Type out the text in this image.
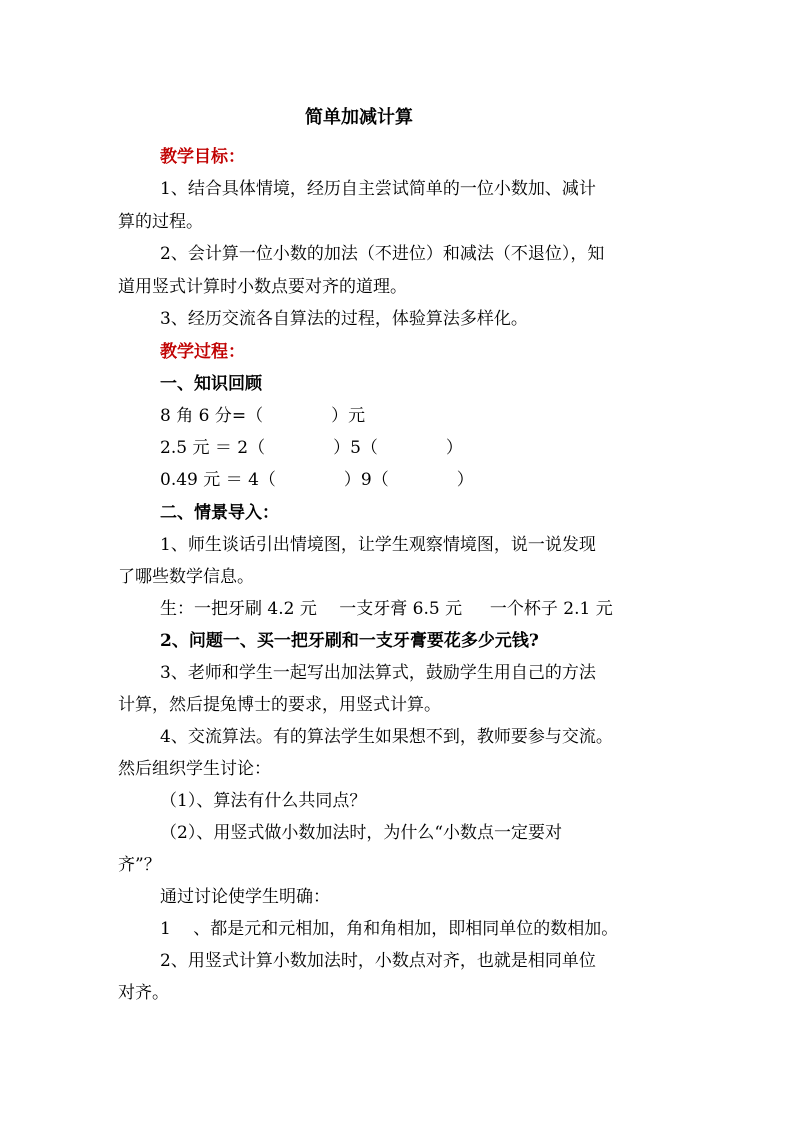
简单加减计算
教学目标：
1、结合具体情境，经历自主尝试简单的一位小数加、减计
算的过程。
2、会计算一位小数的加法（不进位）和减法（不退位），知
道用竖式计算时小数点要对齐的道理。
3、经历交流各自算法的过程，体验算法多样化。
教学过程：
一、知识回顾
8 角 6 分=（　　　　）元
2.5 元 ＝ 2（　　　　）5（　　　　）
0.49 元 ＝ 4（　　　　）9（　　　　）
二、情景导入：
1、师生谈话引出情境图，让学生观察情境图，说一说发现
了哪些数学信息。
生：一把牙刷 4.2 元　 一支牙膏 6.5 元 　 一个杯子 2.1 元
2、问题一、买一把牙刷和一支牙膏要花多少元钱?
3、老师和学生一起写出加法算式，鼓励学生用自己的方法
计算，然后提兔博士的要求，用竖式计算。
4、交流算法。有的算法学生如果想不到，教师要参与交流。
然后组织学生讨论：
（1）、算法有什么共同点？
（2）、用竖式做小数加法时，为什么“小数点一定要对
齐”？
通过讨论使学生明确：
1　 、都是元和元相加，角和角相加，即相同单位的数相加。
2、用竖式计算小数加法时，小数点对齐，也就是相同单位
对齐。
